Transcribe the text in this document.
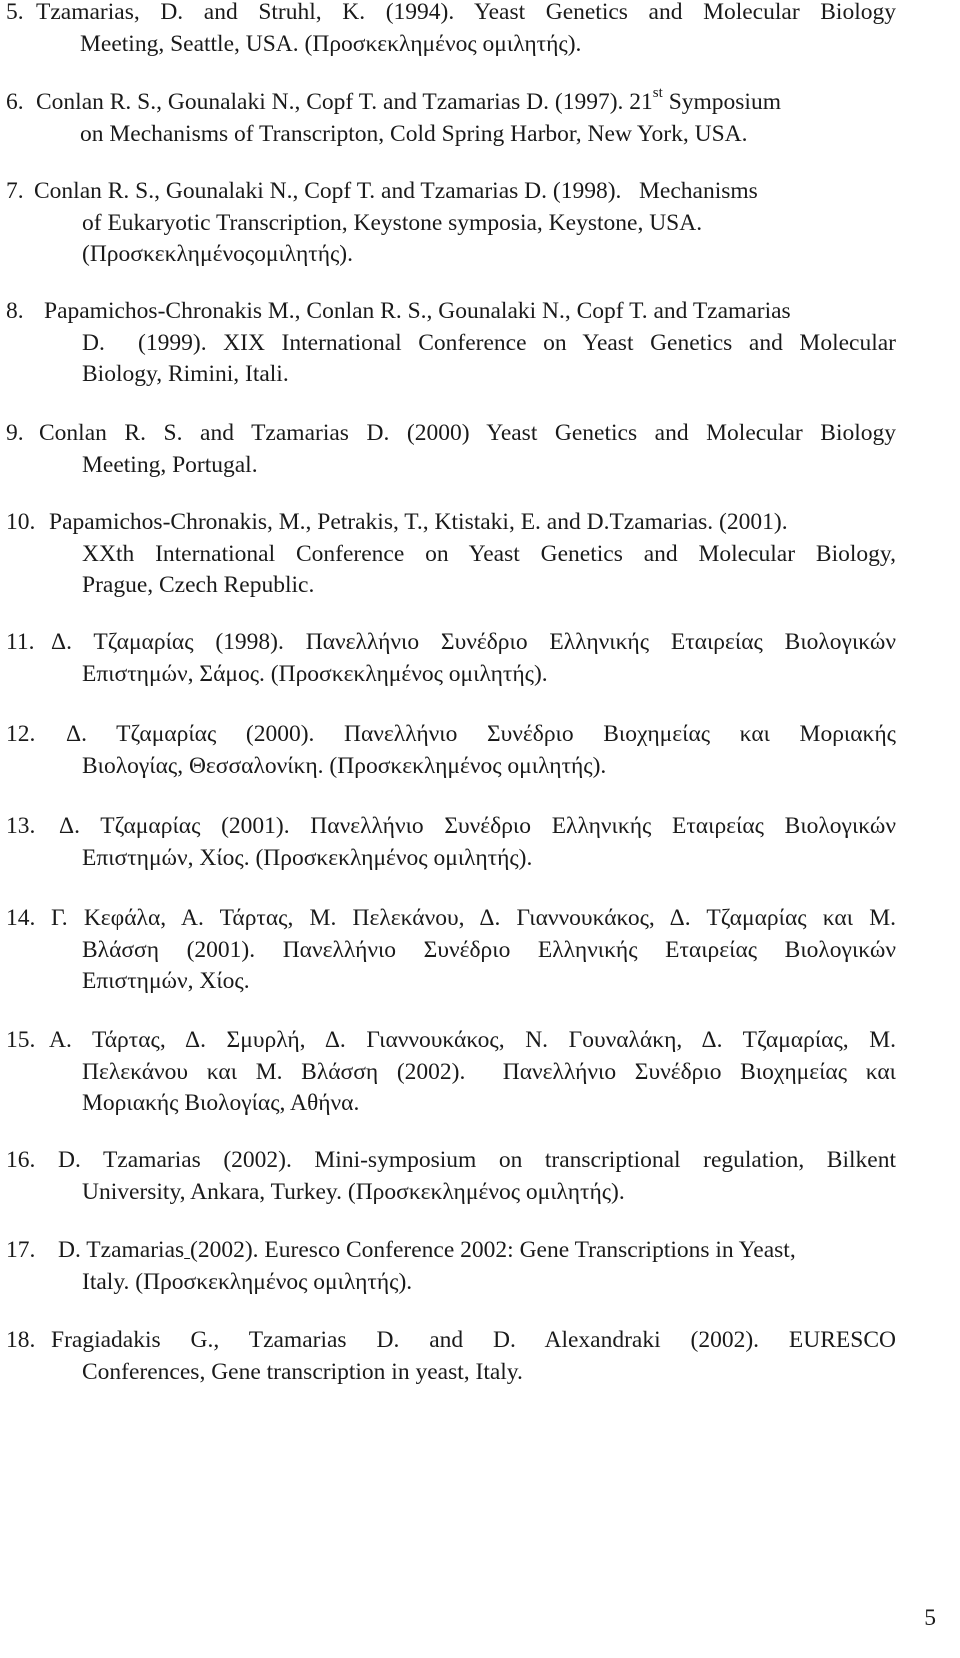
5. Tzamarias, D. and Struhl, K. (1994). Yeast Genetics and Molecular Biology
Meeting, Seattle, USA. (Προσκεκλημένος ομιλητής).
6. Conlan R. S., Gounalaki N., Copf T. and Tzamarias D. (1997). 21st Symposium
on Mechanisms of Transcripton, Cold Spring Harbor, New York, USA.
7. Conlan R. S., Gounalaki N., Copf T. and Tzamarias D. (1998).   Mechanisms
of Eukaryotic Transcription, Keystone symposia, Keystone, USA.
(Προσκεκλημένοςομιλητής).
8. Papamichos-Chronakis M., Conlan R. S., Gounalaki N., Copf T. and Tzamarias
D.  (1999). XIX International Conference on Yeast Genetics and Molecular
Biology, Rimini, Itali.
9. Conlan R. S. and Tzamarias D. (2000) Yeast Genetics and Molecular Biology
Meeting, Portugal.
10. Papamichos-Chronakis, M., Petrakis, T., Ktistaki, E. and D.Tzamarias. (2001).
XXth International Conference on Yeast Genetics and Molecular Biology,
Prague, Czech Republic.
11. Δ. Τζαμαρίας (1998). Πανελλήνιο Συνέδριο Ελληνικής Εταιρείας Βιολογικών
Επιστημών, Σάμος. (Προσκεκλημένος ομιλητής).
12. Δ. Τζαμαρίας (2000). Πανελλήνιο Συνέδριο Βιοχημείας και Μοριακής
Βιολογίας, Θεσσαλονίκη. (Προσκεκλημένος ομιλητής).
13. Δ. Τζαμαρίας (2001). Πανελλήνιο Συνέδριο Ελληνικής Εταιρείας Βιολογικών
Επιστημών, Χίος. (Προσκεκλημένος ομιλητής).
14. Γ. Κεφάλα, Α. Τάρτας, Μ. Πελεκάνου, Δ. Γιαννουκάκος, Δ. Τζαμαρίας και Μ.
Βλάσση (2001). Πανελλήνιο Συνέδριο Ελληνικής Εταιρείας Βιολογικών
Επιστημών, Χίος.
15. Α. Τάρτας, Δ. Σμυρλή, Δ. Γιαννουκάκος, Ν. Γουναλάκη, Δ. Τζαμαρίας, Μ.
Πελεκάνου και Μ. Βλάσση (2002).  Πανελλήνιο Συνέδριο Βιοχημείας και
Μοριακής Βιολογίας, Αθήνα.
16. D. Tzamarias (2002). Mini-symposium on transcriptional regulation, Bilkent
University, Ankara, Turkey. (Προσκεκλημένος ομιλητής).
17. D. Tzamarias (2002). Euresco Conference 2002: Gene Transcriptions in Yeast,
Italy. (Προσκεκλημένος ομιλητής).
18. Fragiadakis G., Tzamarias D. and D. Alexandraki (2002). EURESCO
Conferences, Gene transcription in yeast, Italy.
5
